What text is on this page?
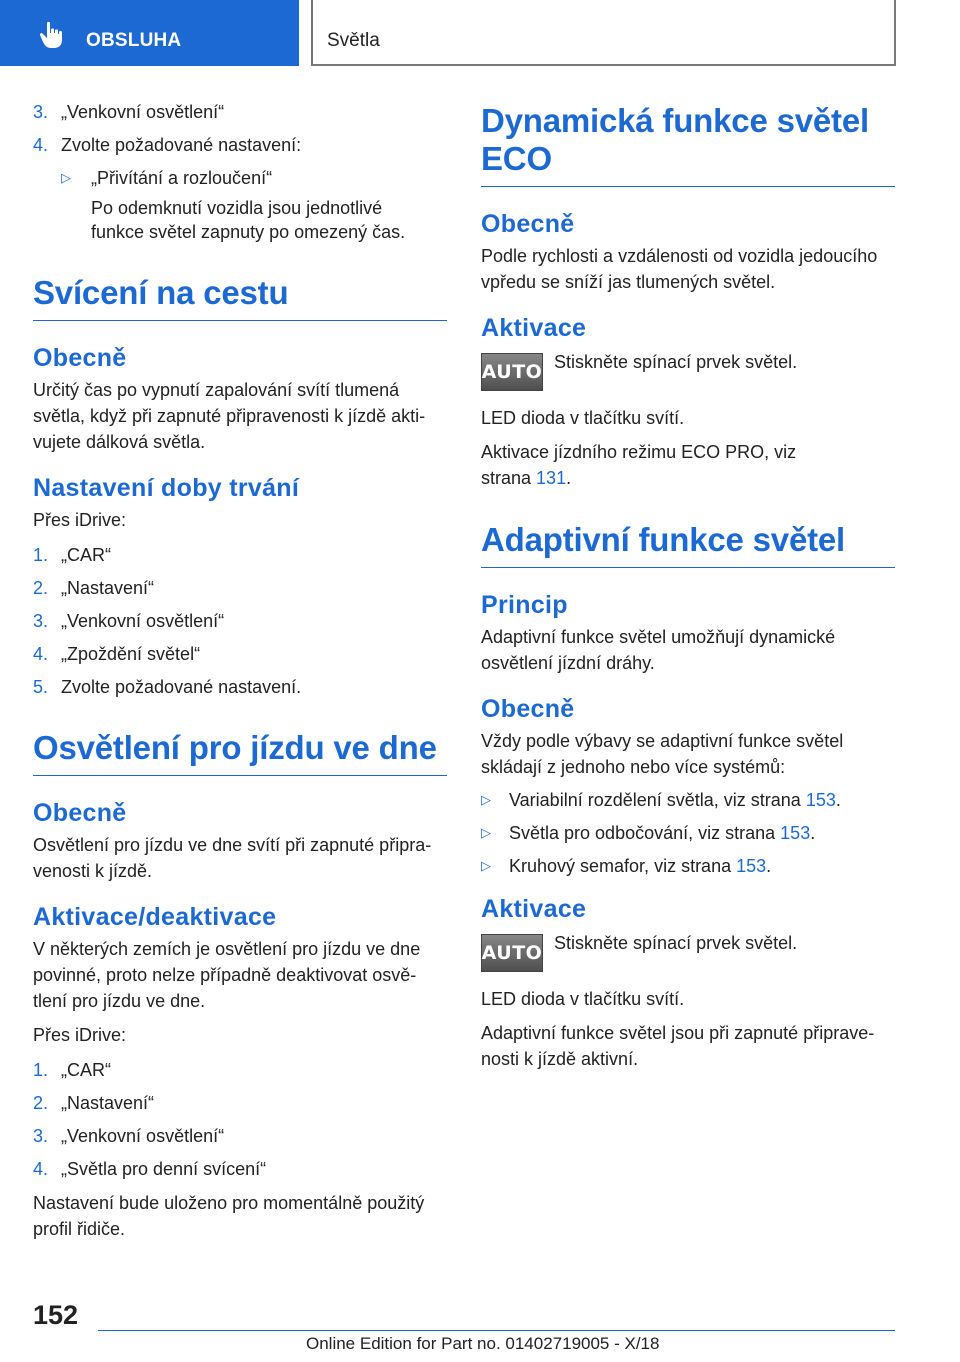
OBSLUHA	Světla
3. „Venkovní osvětlení“
4. Zvolte požadované nastavení:
▷ „Přivítání a rozloučení“
Po odemknutí vozidla jsou jednotlivé
funkce světel zapnuty po omezený čas.
Svícení na cestu
Obecně
Určitý čas po vypnutí zapalování svítí tlumená
světla, když při zapnuté připravenosti k jízdě akti-
vujete dálková světla.
Nastavení doby trvání
Přes iDrive:
1. „CAR“
2. „Nastavení“
3. „Venkovní osvětlení“
4. „Zpoždění světel“
5. Zvolte požadované nastavení.
Osvětlení pro jízdu ve dne
Obecně
Osvětlení pro jízdu ve dne svítí při zapnuté připra-
venosti k jízdě.
Aktivace/deaktivace
V některých zemích je osvětlení pro jízdu ve dne
povinné, proto nelze případně deaktivovat osvě-
tlení pro jízdu ve dne.
Přes iDrive:
1. „CAR“
2. „Nastavení“
3. „Venkovní osvětlení“
4. „Světla pro denní svícení“
Nastavení bude uloženo pro momentálně použitý
profil řidiče.
Dynamická funkce světel
ECO
Obecně
Podle rychlosti a vzdálenosti od vozidla jedoucího
vpředu se sníží jas tlumených světel.
Aktivace
AUTO Stiskněte spínací prvek světel.
LED dioda v tlačítku svítí.
Aktivace jízdního režimu ECO PRO, viz
strana 131.
Adaptivní funkce světel
Princip
Adaptivní funkce světel umožňují dynamické
osvětlení jízdní dráhy.
Obecně
Vždy podle výbavy se adaptivní funkce světel
skládají z jednoho nebo více systémů:
▷ Variabilní rozdělení světla, viz strana 153.
▷ Světla pro odbočování, viz strana 153.
▷ Kruhový semafor, viz strana 153.
Aktivace
AUTO Stiskněte spínací prvek světel.
LED dioda v tlačítku svítí.
Adaptivní funkce světel jsou při zapnuté připrave-
nosti k jízdě aktivní.
152
Online Edition for Part no. 01402719005 - X/18
